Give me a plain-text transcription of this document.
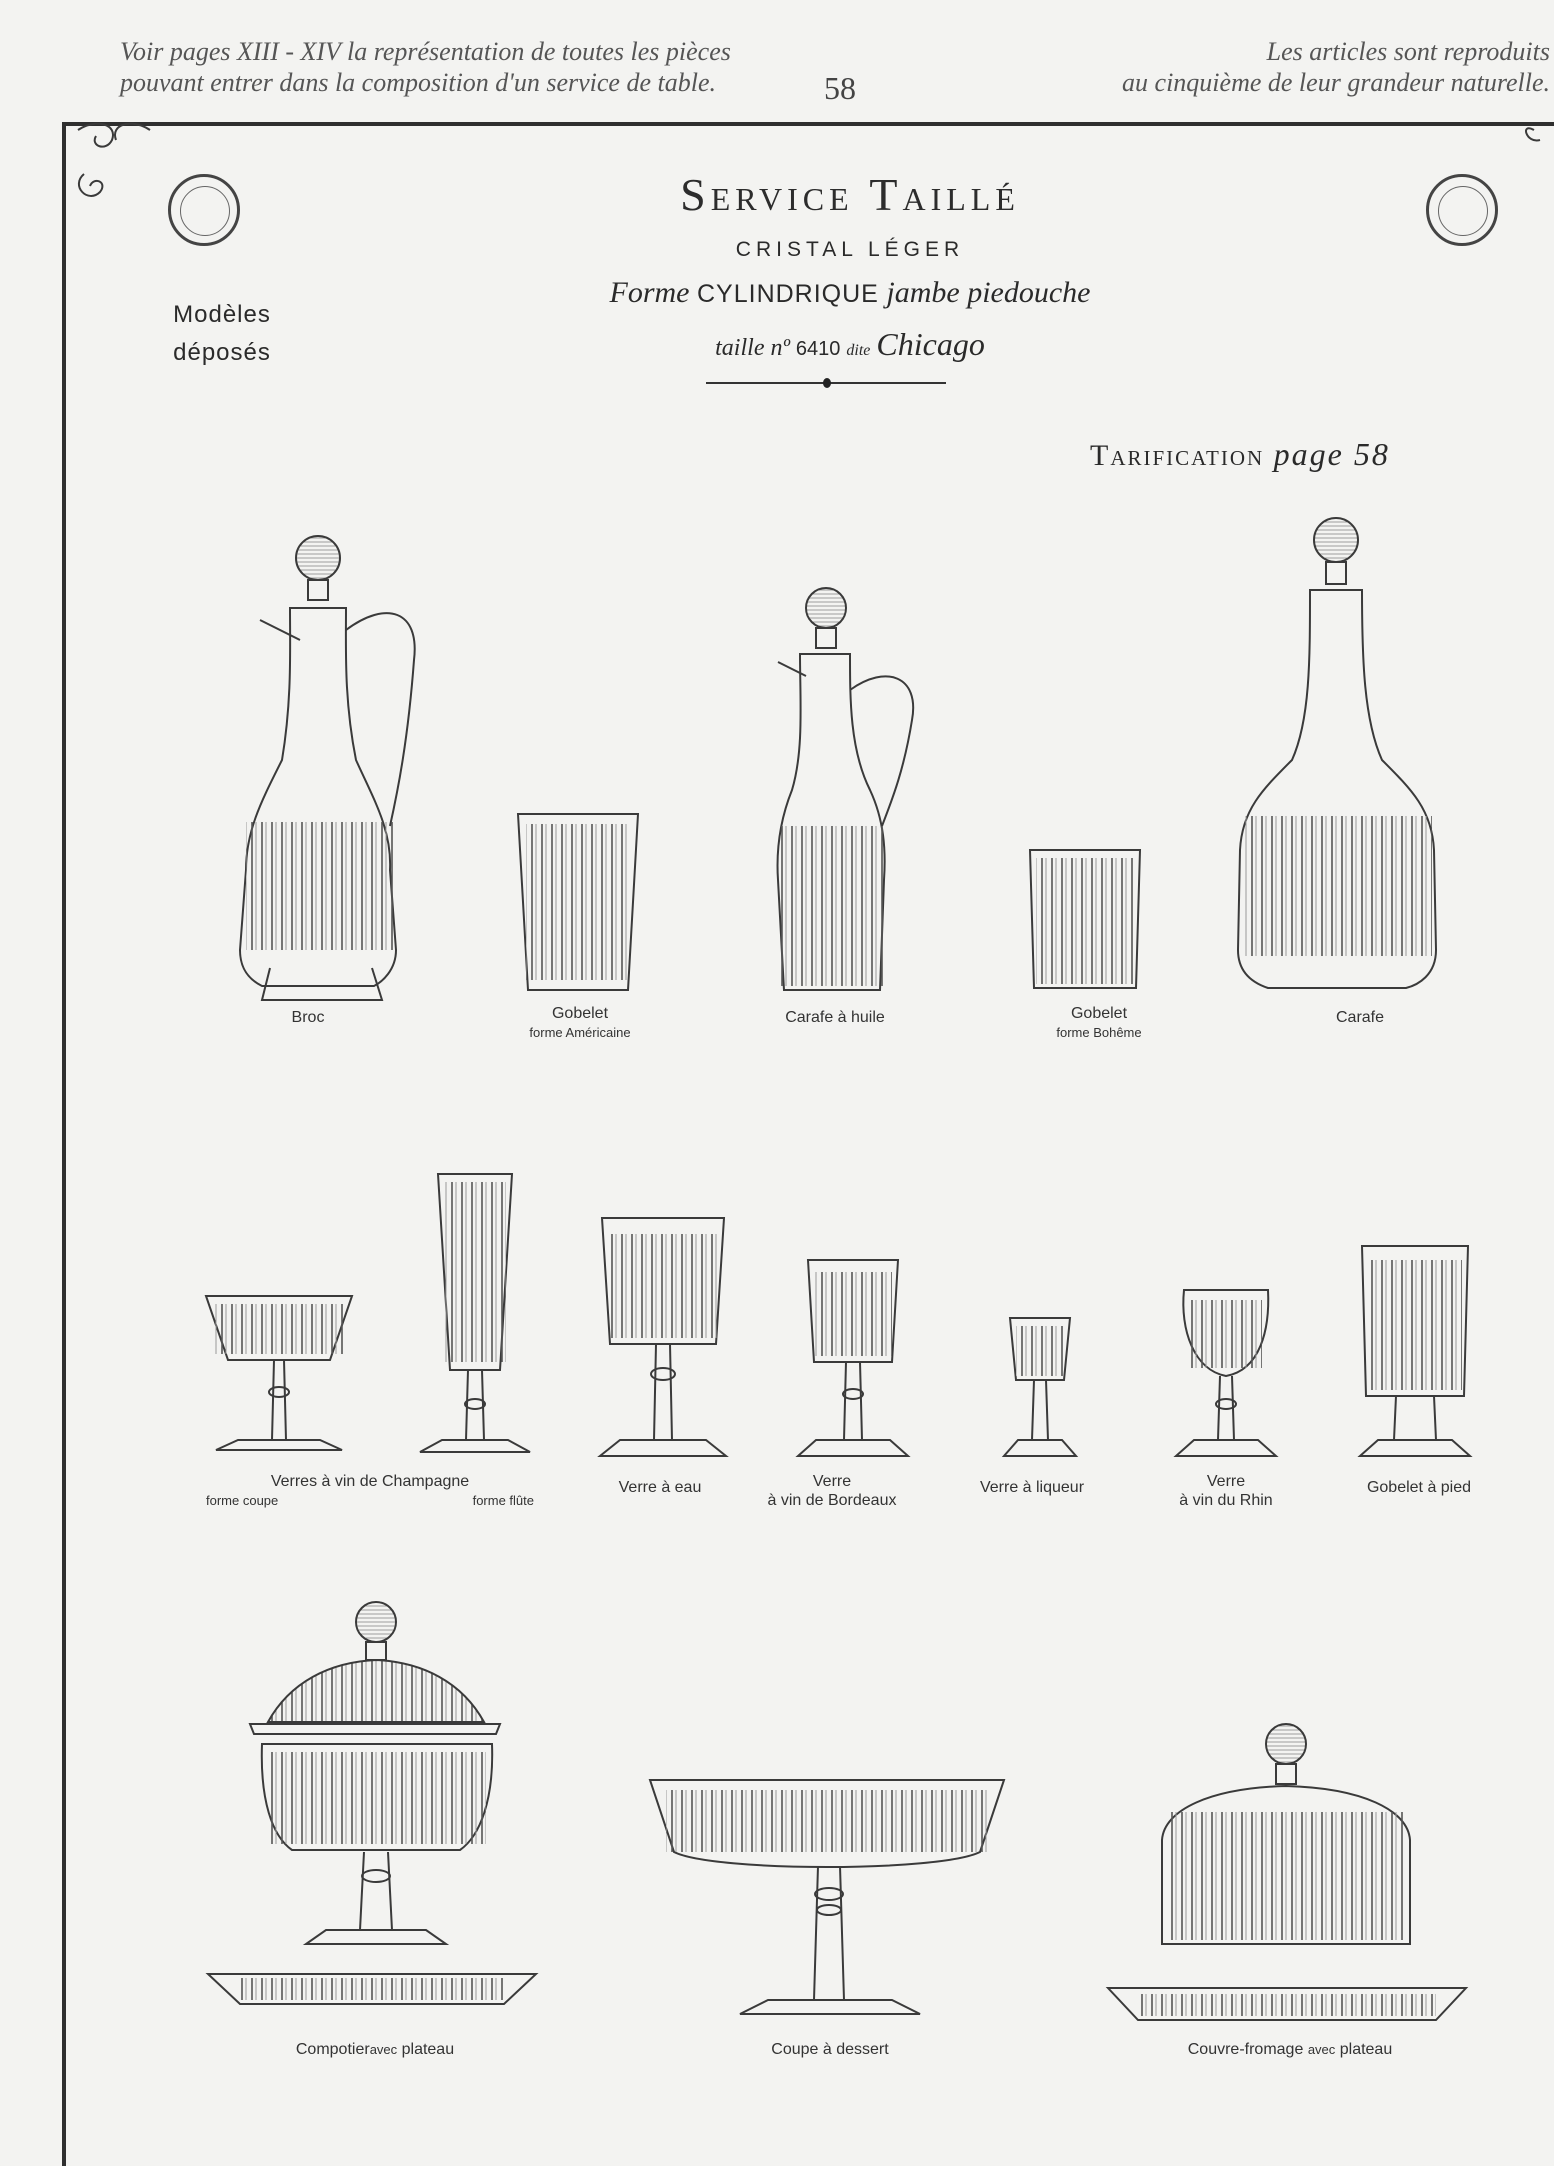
Voir pages XIII - XIV la représentation de toutes les pièces
pouvant entrer dans la composition d'un service de table.	58
Les articles sont reproduits
au cinquième de leur grandeur naturelle.
Service Taillé
CRISTAL LÉGER
Forme CYLINDRIQUE jambe piedouche
taille nº 6410 dite Chicago
Modèles
déposés
Tarification page 58
Broc	Gobelet
forme Américaine
Carafe à huile	Gobelet
forme Bohême
Carafe
Verres à vin de Champagne
forme coupe	forme flûte
Verre à eau	Verre
à vin de Bordeaux
Verre à liqueur	Verre
à vin du Rhin
Gobelet à pied
Compotieravec plateau	Coupe à dessert	Couvre-fromage avec plateau
